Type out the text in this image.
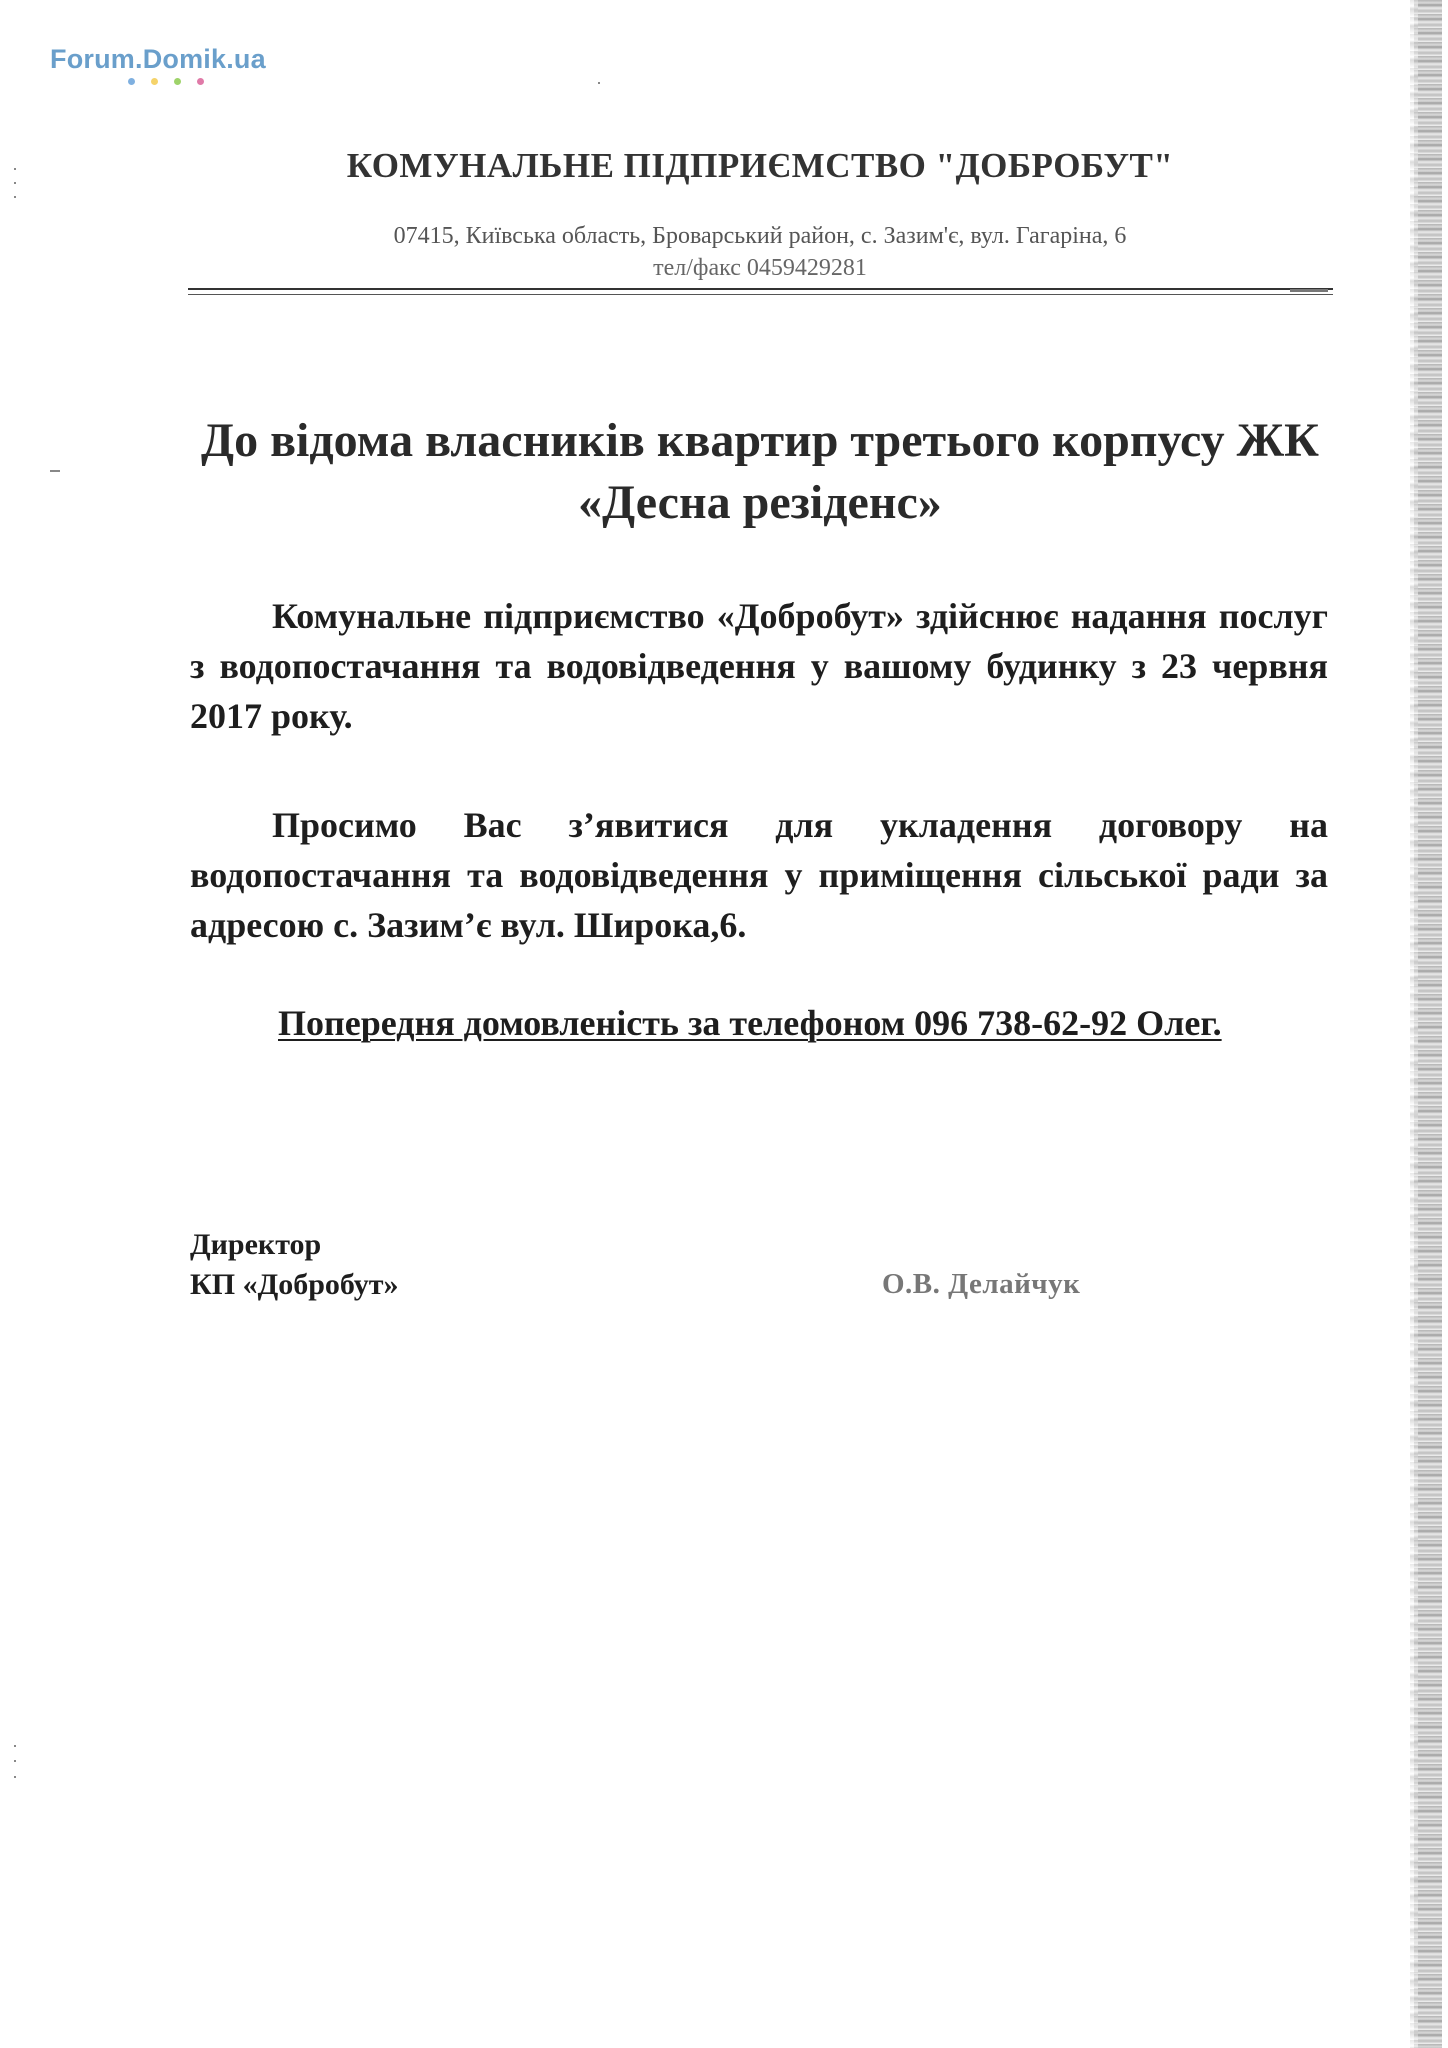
Forum.Domik.ua
КОМУНАЛЬНЕ ПІДПРИЄМСТВО "ДОБРОБУТ"
07415, Київська область, Броварський район, с. Зазим'є, вул. Гагаріна, 6
тел/факс 0459429281
До відома власників квартир третього корпусу ЖК «Десна резіденс»
Комунальне підприємство «Добробут» здійснює надання послуг з водопостачання та водовідведення у вашому будинку з 23 червня 2017 року.
Просимо Вас з’явитися для укладення договору на водопостачання та водовідведення у приміщення сільської ради за адресою с. Зазим’є вул. Широка,6.
Попередня домовленість за телефоном 096 738-62-92 Олег.
Директор
КП «Добробут»	О.В. Делайчук
